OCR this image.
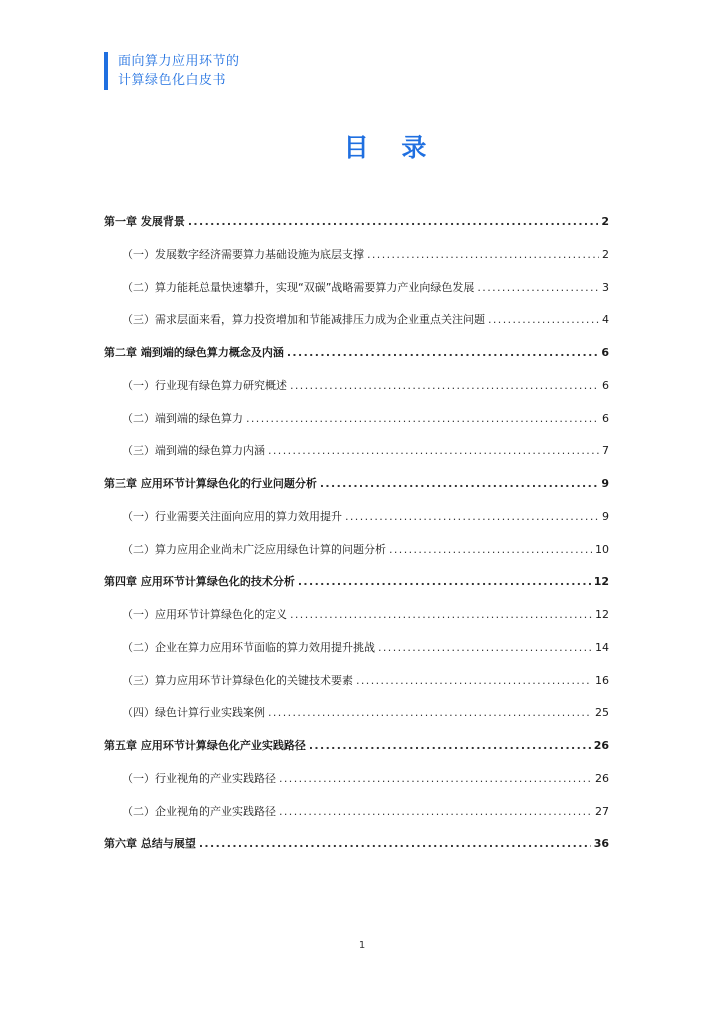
面向算力应用环节的
计算绿色化白皮书
目 录
第一章 发展背景 .....	2
（一）发展数字经济需要算力基础设施为底层支撑 .....	2
（二）算力能耗总量快速攀升，实现“双碳”战略需要算力产业向绿色发展 .....	3
（三）需求层面来看，算力投资增加和节能减排压力成为企业重点关注问题 .....	4
第二章 端到端的绿色算力概念及内涵 .....	6
（一）行业现有绿色算力研究概述 .....	6
（二）端到端的绿色算力 .....	6
（三）端到端的绿色算力内涵 .....	7
第三章 应用环节计算绿色化的行业问题分析 .....	9
（一）行业需要关注面向应用的算力效用提升 .....	9
（二）算力应用企业尚未广泛应用绿色计算的问题分析 .....	10
第四章 应用环节计算绿色化的技术分析 .....	12
（一）应用环节计算绿色化的定义 .....	12
（二）企业在算力应用环节面临的算力效用提升挑战 .....	14
（三）算力应用环节计算绿色化的关键技术要素 .....	16
（四）绿色计算行业实践案例 .....	25
第五章 应用环节计算绿色化产业实践路径 .....	26
（一）行业视角的产业实践路径 .....	26
（二）企业视角的产业实践路径 .....	27
第六章 总结与展望 .....	36
1
